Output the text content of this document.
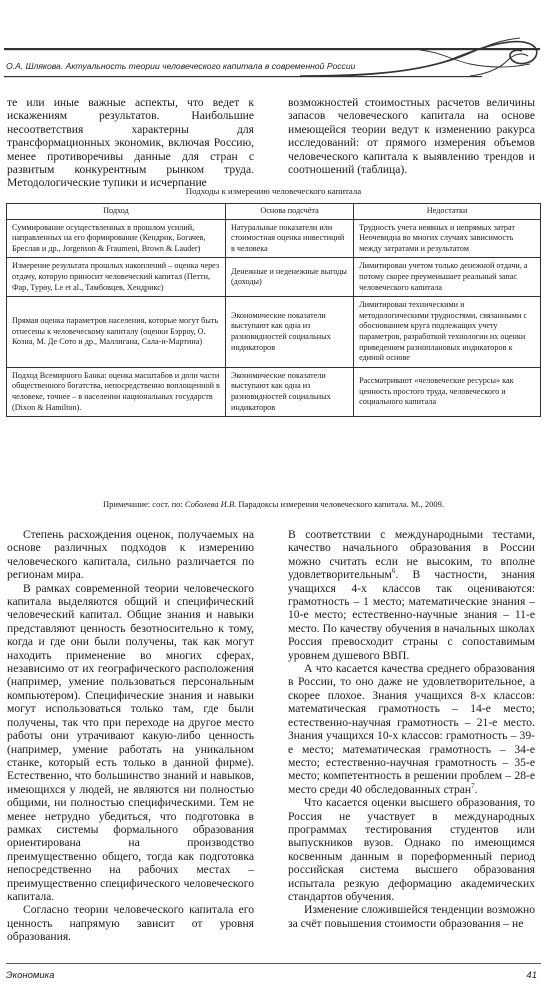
О.А. Шлякова. Актуальность теории человеческого капитала в современной России

те или иные важные аспекты, что ведет к искажениям результатов. Наибольшие несоответствия характерны для трансформационных экономик, включая Россию, менее противоречивы данные для стран с развитым конкурентным рынком труда. Методологические тупики и исчерпание

возможностей стоимостных расчетов величины запасов человеческого капитала на основе имеющейся теории ведут к изменению ракурса исследований: от прямого измерения объемов человеческого капитала к выявлению трендов и соотношений (таблица).

Подходы к измерению человеческого капитала
Подход	Основа подсчёта	Недостатки
Суммирование осуществленных в прошлом усилий, направленных на его формирование (Кендрик, Богачев, Бреслав и др., Jorgenson & Fraumeni, Brown & Lauder)	Натуральные показатели или стоимостная оценка инвестиций в человека	Трудность учета неявных и непрямых затрат
Неочевидна во многих случаях зависимость между затратами и результатом
Измерение результата прошлых накоплений – оценка через отдачу, которую приносит человеческий капитал (Петти, Фар, Турөу, Le et al., Тамбовцев, Хендрикс)	Денежные и неденежные выгоды (доходы)	Лимитирован учетом только денежной отдачи, а потому скорее преуменьшает реальный запас человеческого капитала
Прямая оценка параметров населения, которые могут быть отнесены к человеческому капиталу (оценки Бэрроу, О. Козна, М. Де Сото и др., Маллигана, Сала-и-Мартина)	Экономические показатели выступают как одна из разновидностей социальных индикаторов	Лимитирован техническими и методологическими трудностями, связанными с обоснованием круга подлежащих учету параметров, разработкой технологии их оценки приведением разноплановых индикаторов к единой основе
Подход Всемирного Банка: оценка масштабов и доли части общественного богатства, непосредственно воплощенной в человеке, точнее – в населении национальных государств (Dixon & Hamilton).	Экономические показатели выступают как одна из разновидностей социальных индикаторов	Рассматривают «человеческие ресурсы» как ценность простого труда, человеческого и социального капитала
Примечание: сост. по: Соболева И.В. Парадоксы измерения человеческого капитала. М., 2009.

Степень расхождения оценок, получаемых на основе различных подходов к измерению человеческого капитала, сильно различается по регионам мира.

В рамках современной теории человеческого капитала выделяются общий и специфический человеческий капитал. Общие знания и навыки представляют ценность безотносительно к тому, когда и где они были получены, так как могут находить применение во многих сферах, независимо от их географического расположения (например, умение пользоваться персональным компьютером). Специфические знания и навыки могут использоваться только там, где были получены, так что при переходе на другое место работы они утрачивают какую-либо ценность (например, умение работать на уникальном станке, который есть только в данной фирме). Естественно, что большинство знаний и навыков, имеющихся у людей, не являются ни полностью общими, ни полностью специфическими. Тем не менее нетрудно убедиться, что подготовка в рамках системы формального образования ориентирована на производство преимущественно общего, тогда как подготовка непосредственно на рабочих местах – преимущественно специфического человеческого капитала.

Согласно теории человеческого капитала его ценность напрямую зависит от уровня образования.

В соответствии с международными тестами, качество начального образования в России можно считать если не высоким, то вполне удовлетворительным$^6$. В частности, знания учащихся 4-х классов так оцениваются: грамотность – 1 место; математические знания – 10-е место; естественно-научные знания – 11-е место. По качеству обучения в начальных школах Россия превосходит страны с сопоставимым уровнем душевого ВВП.

А что касается качества среднего образования в России, то оно даже не удовлетворительное, а скорее плохое. Знания учащихся 8-х классов: математическая грамотность – 14-е место; естественно-научная грамотность – 21-е место. Знания учащихся 10-х классов: грамотность – 39-е место; математическая грамотность – 34-е место; естественно-научная грамотность – 35-е место; компетентность в решении проблем – 28-е место среди 40 обследованных стран$^7$.

Что касается оценки высшего образования, то Россия не участвует в международных программах тестирования студентов или выпускников вузов. Однако по имеющимся косвенным данным в пореформенный период российская система высшего образования испытала резкую деформацию академических стандартов обучения.

Изменение сложившейся тенденции возможно за счёт повышения стоимости образования – не

Экономика	41
